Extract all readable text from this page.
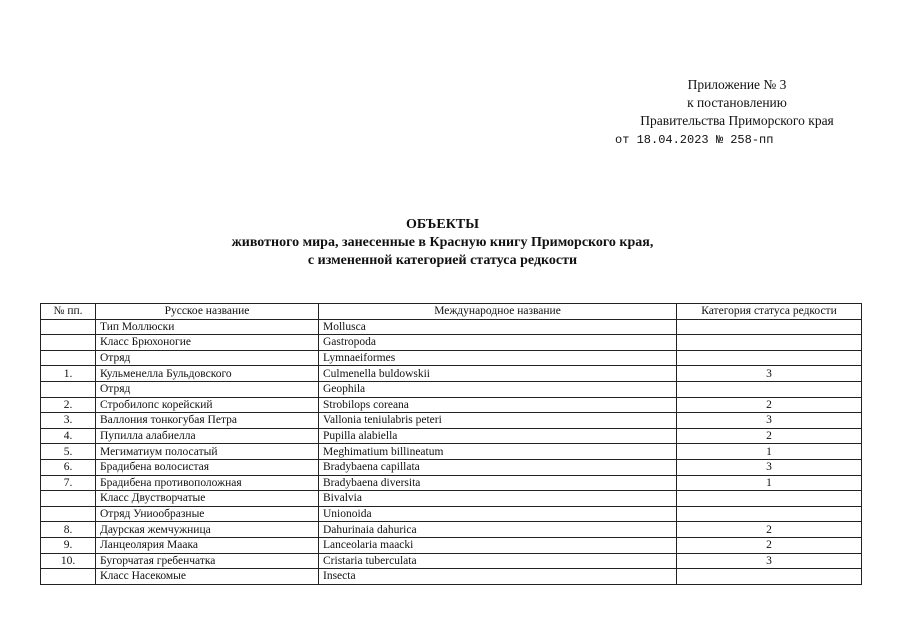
Приложение № 3
к постановлению
Правительства Приморского края
от 18.04.2023 № 258-пп
ОБЪЕКТЫ
животного мира, занесенные в Красную книгу Приморского края,
с измененной категорией статуса редкости
№ пп.	Русское название	Международное название	Категория статуса редкости
	Тип Моллюски	Mollusca	
	Класс Брюхоногие	Gastropoda	
	Отряд	Lymnaeiformes	
1.	Кульменелла Бульдовского	Culmenella buldowskii	3
	Отряд	Geophila	
2.	Стробилопс корейский	Strobilops coreana	2
3.	Валлония тонкогубая Петра	Vallonia teniulabris peteri	3
4.	Пупилла алабиелла	Pupilla alabiella	2
5.	Мегиматиум полосатый	Meghimatium billineatum	1
6.	Брадибена волосистая	Bradybaena capillata	3
7.	Брадибена противоположная	Bradybaena diversita	1
	Класс Двустворчатые	Bivalvia	
	Отряд Униообразные	Unionoida	
8.	Даурская жемчужница	Dahurinaia dahurica	2
9.	Ланцеолярия Маака	Lanceolaria maacki	2
10.	Бугорчатая гребенчатка	Cristaria tuberculata	3
	Класс Насекомые	Insecta	
